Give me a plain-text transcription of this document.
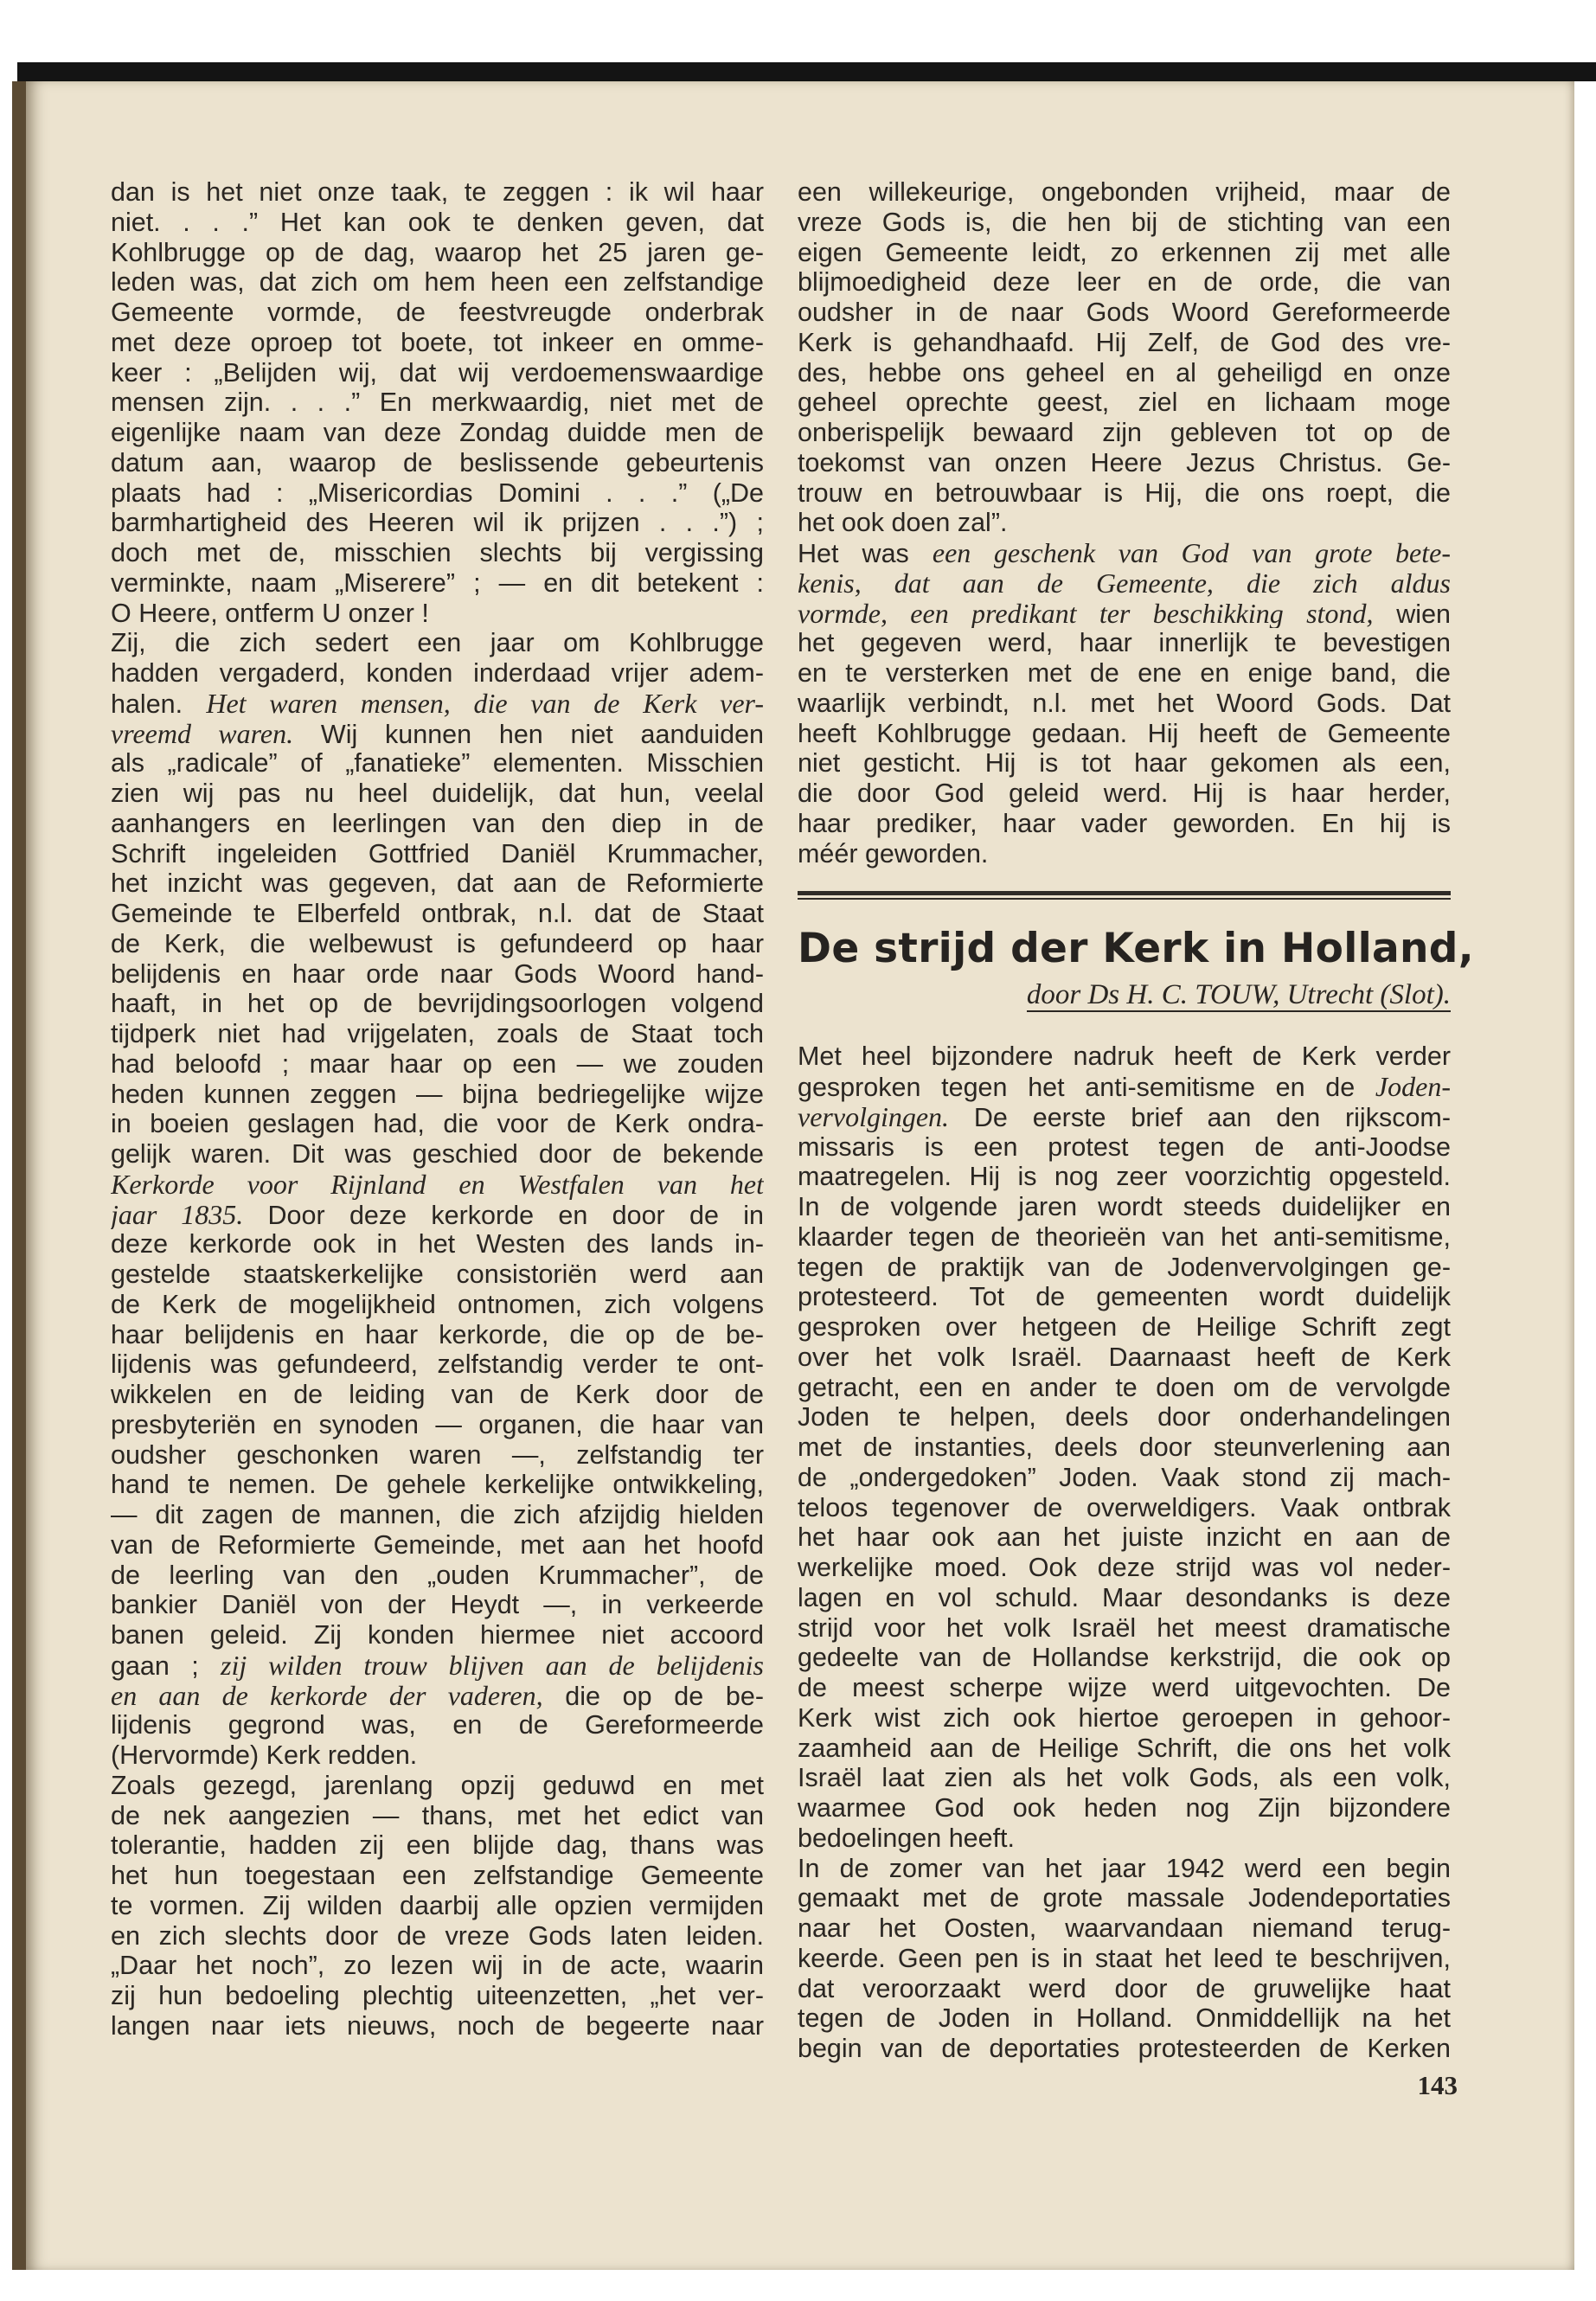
dan is het niet onze taak, te zeggen : ik wil haar
niet. . . .” Het kan ook te denken geven, dat
Kohlbrugge op de dag, waarop het 25 jaren ge-
leden was, dat zich om hem heen een zelfstandige
Gemeente vormde, de feestvreugde onderbrak
met deze oproep tot boete, tot inkeer en omme-
keer : „Belijden wij, dat wij verdoemenswaardige
mensen zijn. . . .” En merkwaardig, niet met de
eigenlijke naam van deze Zondag duidde men de
datum aan, waarop de beslissende gebeurtenis
plaats had : „Misericordias Domini . . .” („De
barmhartigheid des Heeren wil ik prijzen . . .”) ;
doch met de, misschien slechts bij vergissing
verminkte, naam „Miserere” ; — en dit betekent :
O Heere, ontferm U onzer !
Zij, die zich sedert een jaar om Kohlbrugge
hadden vergaderd, konden inderdaad vrijer adem-
halen. Het waren mensen, die van de Kerk ver-
vreemd waren. Wij kunnen hen niet aanduiden
als „radicale” of „fanatieke” elementen. Misschien
zien wij pas nu heel duidelijk, dat hun, veelal
aanhangers en leerlingen van den diep in de
Schrift ingeleiden Gottfried Daniël Krummacher,
het inzicht was gegeven, dat aan de Reformierte
Gemeinde te Elberfeld ontbrak, n.l. dat de Staat
de Kerk, die welbewust is gefundeerd op haar
belijdenis en haar orde naar Gods Woord hand-
haaft, in het op de bevrijdingsoorlogen volgend
tijdperk niet had vrijgelaten, zoals de Staat toch
had beloofd ; maar haar op een — we zouden
heden kunnen zeggen — bijna bedriegelijke wijze
in boeien geslagen had, die voor de Kerk ondra-
gelijk waren. Dit was geschied door de bekende
Kerkorde voor Rijnland en Westfalen van het
jaar 1835. Door deze kerkorde en door de in
deze kerkorde ook in het Westen des lands in-
gestelde staatskerkelijke consistoriën werd aan
de Kerk de mogelijkheid ontnomen, zich volgens
haar belijdenis en haar kerkorde, die op de be-
lijdenis was gefundeerd, zelfstandig verder te ont-
wikkelen en de leiding van de Kerk door de
presbyteriën en synoden — organen, die haar van
oudsher geschonken waren —, zelfstandig ter
hand te nemen. De gehele kerkelijke ontwikkeling,
— dit zagen de mannen, die zich afzijdig hielden
van de Reformierte Gemeinde, met aan het hoofd
de leerling van den „ouden Krummacher”, de
bankier Daniël von der Heydt —, in verkeerde
banen geleid. Zij konden hiermee niet accoord
gaan ; zij wilden trouw blijven aan de belijdenis
en aan de kerkorde der vaderen, die op de be-
lijdenis gegrond was, en de Gereformeerde
(Hervormde) Kerk redden.
Zoals gezegd, jarenlang opzij geduwd en met
de nek aangezien — thans, met het edict van
tolerantie, hadden zij een blijde dag, thans was
het hun toegestaan een zelfstandige Gemeente
te vormen. Zij wilden daarbij alle opzien vermijden
en zich slechts door de vreze Gods laten leiden.
„Daar het noch”, zo lezen wij in de acte, waarin
zij hun bedoeling plechtig uiteenzetten, „het ver-
langen naar iets nieuws, noch de begeerte naar
een willekeurige, ongebonden vrijheid, maar de
vreze Gods is, die hen bij de stichting van een
eigen Gemeente leidt, zo erkennen zij met alle
blijmoedigheid deze leer en de orde, die van
oudsher in de naar Gods Woord Gereformeerde
Kerk is gehandhaafd. Hij Zelf, de God des vre-
des, hebbe ons geheel en al geheiligd en onze
geheel oprechte geest, ziel en lichaam moge
onberispelijk bewaard zijn gebleven tot op de
toekomst van onzen Heere Jezus Christus. Ge-
trouw en betrouwbaar is Hij, die ons roept, die
het ook doen zal”.
Het was een geschenk van God van grote bete-
kenis, dat aan de Gemeente, die zich aldus
vormde, een predikant ter beschikking stond, wien
het gegeven werd, haar innerlijk te bevestigen
en te versterken met de ene en enige band, die
waarlijk verbindt, n.l. met het Woord Gods. Dat
heeft Kohlbrugge gedaan. Hij heeft de Gemeente
niet gesticht. Hij is tot haar gekomen als een,
die door God geleid werd. Hij is haar herder,
haar prediker, haar vader geworden. En hij is
méér geworden.
De strijd der Kerk in Holland,
door Ds H. C. TOUW, Utrecht (Slot).
Met heel bijzondere nadruk heeft de Kerk verder
gesproken tegen het anti-semitisme en de Joden-
vervolgingen. De eerste brief aan den rijkscom-
missaris is een protest tegen de anti-Joodse
maatregelen. Hij is nog zeer voorzichtig opgesteld.
In de volgende jaren wordt steeds duidelijker en
klaarder tegen de theorieën van het anti-semitisme,
tegen de praktijk van de Jodenvervolgingen ge-
protesteerd. Tot de gemeenten wordt duidelijk
gesproken over hetgeen de Heilige Schrift zegt
over het volk Israël. Daarnaast heeft de Kerk
getracht, een en ander te doen om de vervolgde
Joden te helpen, deels door onderhandelingen
met de instanties, deels door steunverlening aan
de „ondergedoken” Joden. Vaak stond zij mach-
teloos tegenover de overweldigers. Vaak ontbrak
het haar ook aan het juiste inzicht en aan de
werkelijke moed. Ook deze strijd was vol neder-
lagen en vol schuld. Maar desondanks is deze
strijd voor het volk Israël het meest dramatische
gedeelte van de Hollandse kerkstrijd, die ook op
de meest scherpe wijze werd uitgevochten. De
Kerk wist zich ook hiertoe geroepen in gehoor-
zaamheid aan de Heilige Schrift, die ons het volk
Israël laat zien als het volk Gods, als een volk,
waarmee God ook heden nog Zijn bijzondere
bedoelingen heeft.
In de zomer van het jaar 1942 werd een begin
gemaakt met de grote massale Jodendeportaties
naar het Oosten, waarvandaan niemand terug-
keerde. Geen pen is in staat het leed te beschrijven,
dat veroorzaakt werd door de gruwelijke haat
tegen de Joden in Holland. Onmiddellijk na het
begin van de deportaties protesteerden de Kerken
143
